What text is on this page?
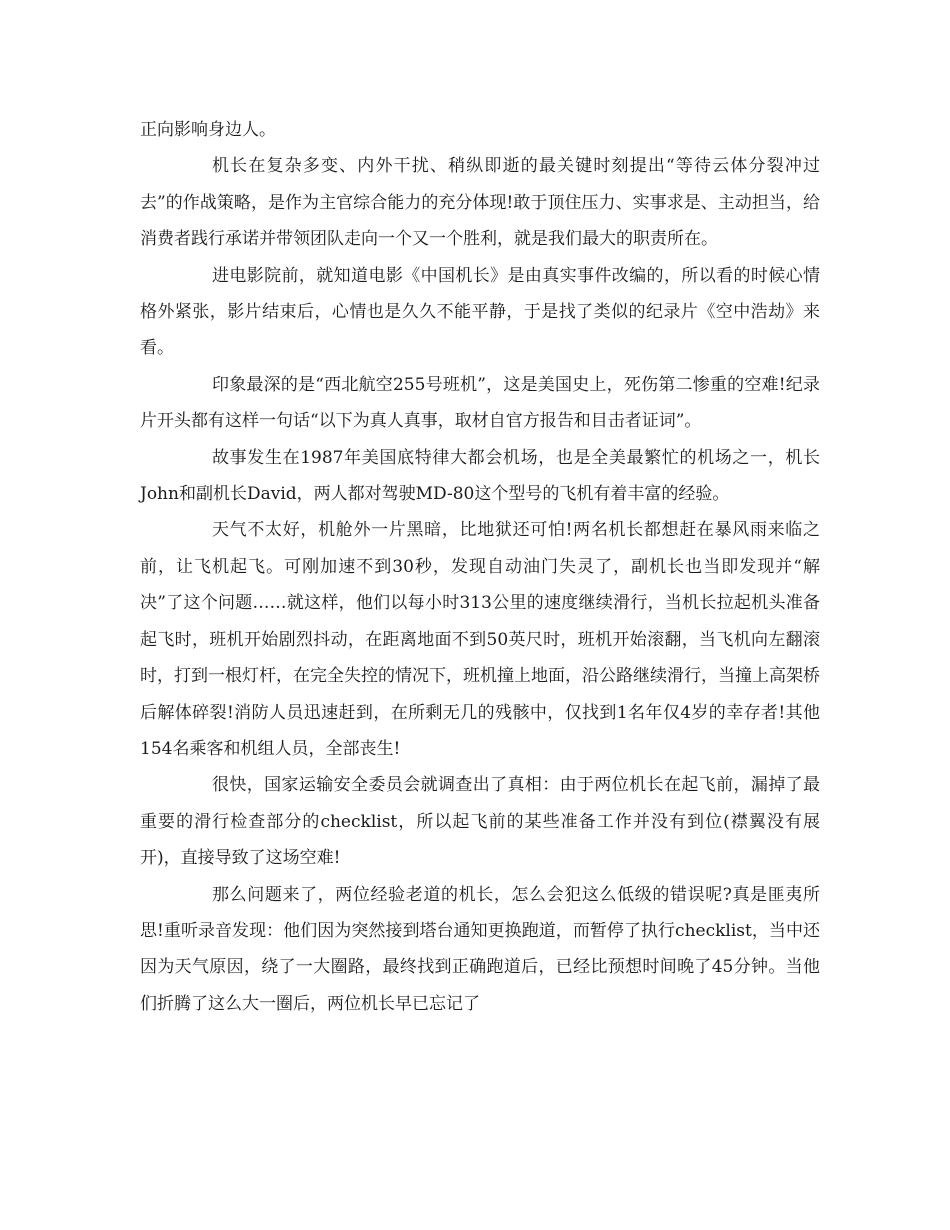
正向影响身边人。

机长在复杂多变、内外干扰、稍纵即逝的最关键时刻提出“等待云体分裂冲过去”的作战策略，是作为主官综合能力的充分体现!敢于顶住压力、实事求是、主动担当，给消费者践行承诺并带领团队走向一个又一个胜利，就是我们最大的职责所在。

进电影院前，就知道电影《中国机长》是由真实事件改编的，所以看的时候心情格外紧张，影片结束后，心情也是久久不能平静，于是找了类似的纪录片《空中浩劫》来看。

印象最深的是“西北航空255号班机”，这是美国史上，死伤第二惨重的空难!纪录片开头都有这样一句话“以下为真人真事，取材自官方报告和目击者证词”。

故事发生在1987年美国底特律大都会机场，也是全美最繁忙的机场之一，机长John和副机长David，两人都对驾驶MD-80这个型号的飞机有着丰富的经验。

天气不太好，机舱外一片黑暗，比地狱还可怕!两名机长都想赶在暴风雨来临之前，让飞机起飞。可刚加速不到30秒，发现自动油门失灵了，副机长也当即发现并“解决”了这个问题……就这样，他们以每小时313公里的速度继续滑行，当机长拉起机头准备起飞时，班机开始剧烈抖动，在距离地面不到50英尺时，班机开始滚翻，当飞机向左翻滚时，打到一根灯杆，在完全失控的情况下，班机撞上地面，沿公路继续滑行，当撞上高架桥后解体碎裂!消防人员迅速赶到，在所剩无几的残骸中，仅找到1名年仅4岁的幸存者!其他154名乘客和机组人员，全部丧生!

很快，国家运输安全委员会就调查出了真相：由于两位机长在起飞前，漏掉了最重要的滑行检查部分的checklist，所以起飞前的某些准备工作并没有到位(襟翼没有展开)，直接导致了这场空难!

那么问题来了，两位经验老道的机长，怎么会犯这么低级的错误呢?真是匪夷所思!重听录音发现：他们因为突然接到塔台通知更换跑道，而暂停了执行checklist，当中还因为天气原因，绕了一大圈路，最终找到正确跑道后，已经比预想时间晚了45分钟。当他们折腾了这么大一圈后，两位机长早已忘记了
